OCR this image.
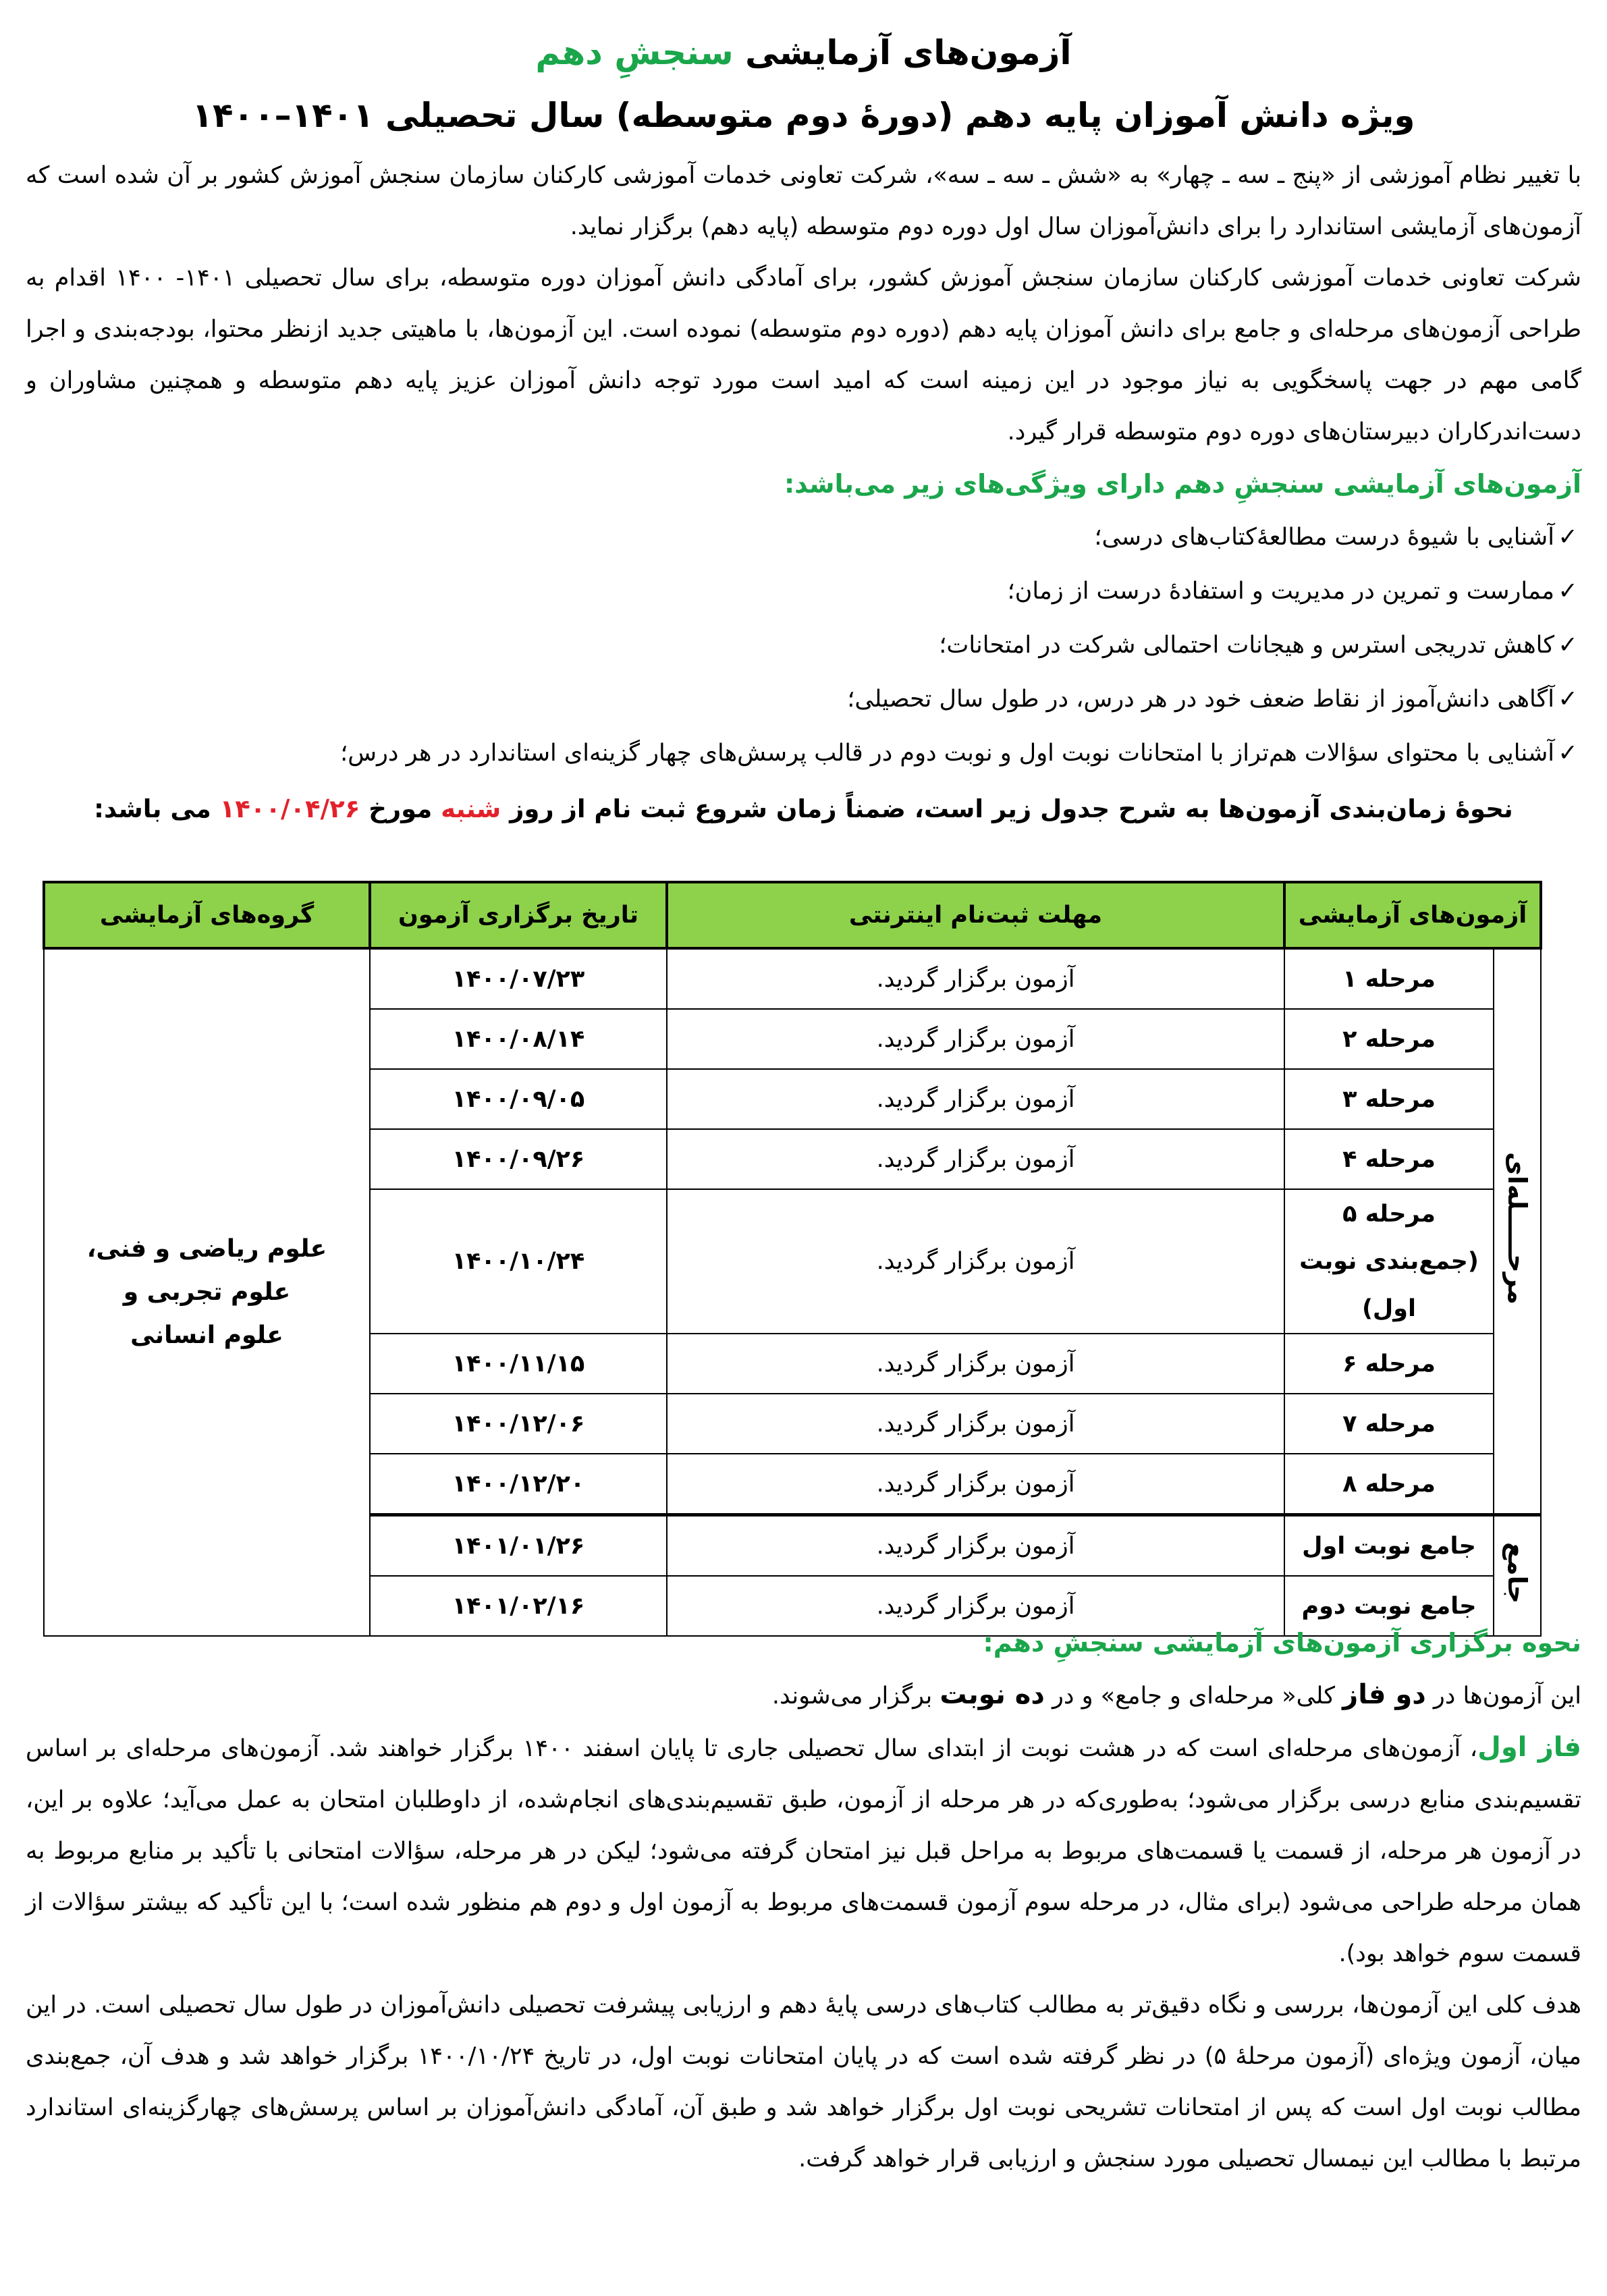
آزمون‌های آزمایشی سنجشِ دهم
ویژه دانش آموزان پایه دهم (دورهٔ دوم متوسطه) سال تحصیلی ۱۴۰۱–۱۴۰۰
با تغییر نظام آموزشی از «پنج ـ سه ـ چهار» به «شش ـ سه ـ سه»، شرکت تعاونی خدمات آموزشی کارکنان سازمان سنجش آموزش کشور بر آن شده است که آزمون‌های آزمایشی استاندارد را برای دانش‌آموزان سال اول دوره دوم متوسطه (پایه دهم) برگزار نماید.
شرکت تعاونی خدمات آموزشی کارکنان سازمان سنجش آموزش کشور، برای آمادگی دانش آموزان دوره متوسطه، برای سال تحصیلی ۱۴۰۱- ۱۴۰۰ اقدام به طراحی آزمون‌های مرحله‌ای و جامع برای دانش آموزان پایه دهم (دوره دوم متوسطه) نموده است. این آزمون‌ها، با ماهیتی جدید ازنظر محتوا، بودجه‌بندی و اجرا گامی مهم در جهت پاسخگویی به نیاز موجود در این زمینه است که امید است مورد توجه دانش آموزان عزیز پایه دهم متوسطه و همچنین مشاوران و دست‌اندرکاران دبیرستان‌های دوره دوم متوسطه قرار گیرد.
آزمون‌های آزمایشی سنجشِ دهم دارای ویژگی‌های زیر می‌باشد:
✓آشنایی با شیوهٔ درست مطالعهٔ‌کتاب‌های درسی؛
✓ممارست و تمرین در مدیریت و استفادهٔ درست از زمان؛
✓کاهش تدریجی استرس و هیجانات احتمالی شرکت در امتحانات؛
✓آگاهی دانش‌آموز از نقاط ضعف خود در هر درس، در طول سال تحصیلی؛
✓آشنایی با محتوای سؤالات هم‌تراز با امتحانات نوبت اول و نوبت دوم در قالب پرسش‌های چهار گزینه‌ای استاندارد در هر درس؛
نحوهٔ زمان‌بندی آزمون‌ها به شرح جدول زیر است، ضمناً زمان شروع ثبت نام از روز شنبه مورخ ۱۴۰۰/۰۴/۲۶ می باشد:
آزمون‌های آزمایشی		مهلت ثبت‌نام اینترنتی	تاریخ برگزاری آزمون	گروه‌های آزمایشی
مرحـــــله‌ای	مرحله ۱	آزمون برگزار گردید.	۱۴۰۰/۰۷/۲۳	علوم ریاضی و فنی،
علوم تجربی و
علوم انسانی

	مرحله ۲	آزمون برگزار گردید.	۱۴۰۰/۰۸/۱۴	
	مرحله ۳	آزمون برگزار گردید.	۱۴۰۰/۰۹/۰۵	
	مرحله ۴	آزمون برگزار گردید.	۱۴۰۰/۰۹/۲۶	

	مرحله ۵
(جمع‌بندی نوبت اول)	آزمون برگزار گردید.	۱۴۰۰/۱۰/۲۴	
	مرحله ۶	آزمون برگزار گردید.	۱۴۰۰/۱۱/۱۵	
	مرحله ۷	آزمون برگزار گردید.	۱۴۰۰/۱۲/۰۶	
	مرحله ۸	آزمون برگزار گردید.	۱۴۰۰/۱۲/۲۰	
جامع	جامع نوبت اول	آزمون برگزار گردید.	۱۴۰۱/۰۱/۲۶	
	جامع نوبت دوم	آزمون برگزار گردید.	۱۴۰۱/۰۲/۱۶	
نحوه برگزاری آزمون‌های آزمایشی سنجشِ دهم:
این آزمون‌ها در دو فاز کلی« مرحله‌ای و جامع» و در ده نوبت برگزار می‌شوند.
فاز اول، آزمون‌های مرحله‌ای است که در هشت نوبت از ابتدای سال تحصیلی جاری تا پایان اسفند ۱۴۰۰ برگزار خواهند شد. آزمون‌های مرحله‌ای بر اساس تقسیم‌بندی منابع درسی برگزار می‌شود؛ به‌طوری‌که در هر مرحله از آزمون، طبق تقسیم‌بندی‌های انجام‌شده، از داوطلبان امتحان به عمل می‌آید؛ علاوه بر این، در آزمون هر مرحله، از قسمت یا قسمت‌های مربوط به مراحل قبل نیز امتحان گرفته می‌شود؛ لیکن در هر مرحله، سؤالات امتحانی با تأکید بر منابع مربوط به همان مرحله طراحی می‌شود (برای مثال، در مرحله سوم آزمون قسمت‌های مربوط به آزمون اول و دوم هم منظور شده است؛ با این تأکید که بیشتر سؤالات از قسمت سوم خواهد بود).
هدف کلی این آزمون‌ها، بررسی و نگاه دقیق‌تر به مطالب کتاب‌های درسی پایهٔ دهم و ارزیابی پیشرفت تحصیلی دانش‌آموزان در طول سال تحصیلی است. در این میان، آزمون ویژه‌ای (آزمون مرحلهٔ ۵) در نظر گرفته شده است که در پایان امتحانات نوبت اول، در تاریخ ۱۴۰۰/۱۰/۲۴ برگزار خواهد شد و هدف آن، جمع‌بندی مطالب نوبت اول است که پس از امتحانات تشریحی نوبت اول برگزار خواهد شد و طبق آن، آمادگی دانش‌آموزان بر اساس پرسش‌های چهارگزینه‌ای استاندارد مرتبط با مطالب این نیمسال تحصیلی مورد سنجش و ارزیابی قرار خواهد گرفت.
